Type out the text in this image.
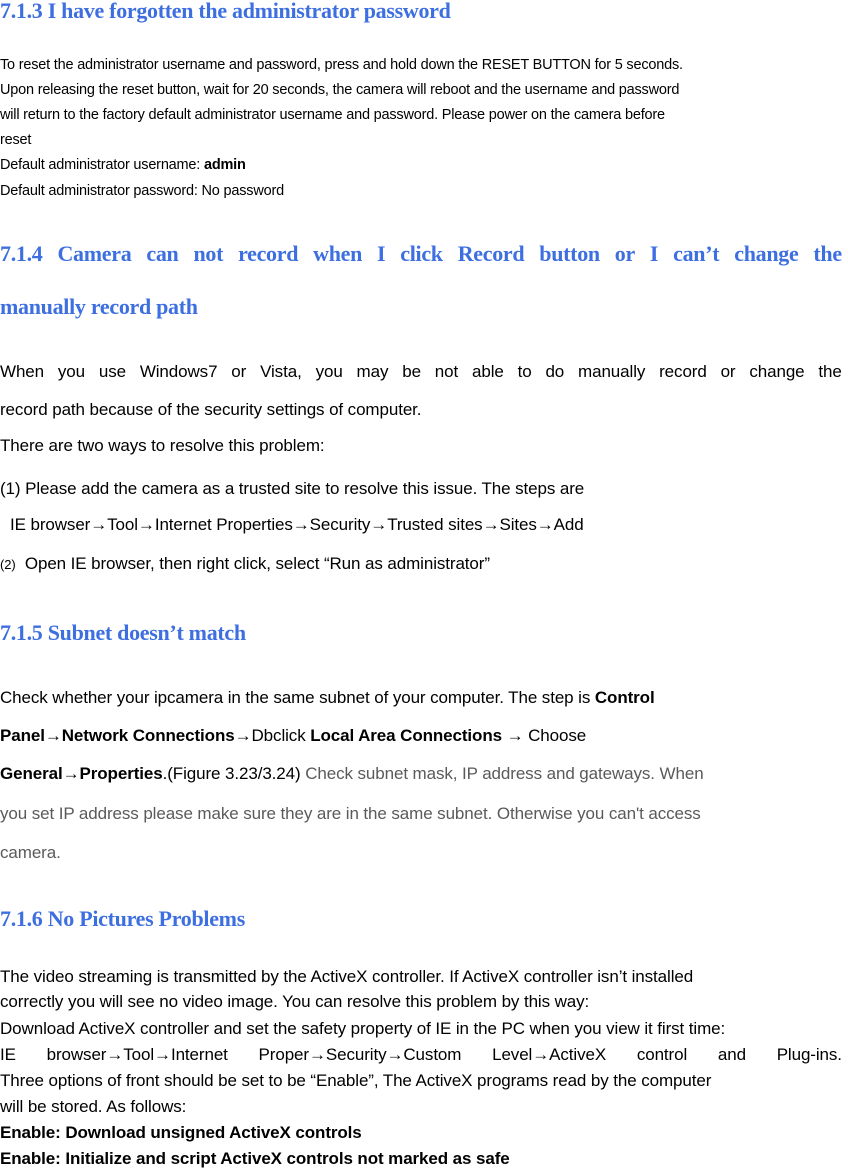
7.1.3 I have forgotten the administrator password

To reset the administrator username and password, press and hold down the RESET BUTTON for 5 seconds.

Upon releasing the reset button, wait for 20 seconds, the camera will reboot and the username and password

will return to the factory default administrator username and password. Please power on the camera before

reset

Default administrator username: admin

Default administrator password: No password

7.1.4 Camera can not record when I click Record button or I can’t change the
manually record path

When you use Windows7 or Vista, you may be not able to do manually record or change the

record path because of the security settings of computer.

There are two ways to resolve this problem:

(1) Please add the camera as a trusted site to resolve this issue. The steps are

IE browser→Tool→Internet Properties→Security→Trusted sites→Sites→Add

(2) Open IE browser, then right click, select “Run as administrator”

7.1.5 Subnet doesn’t match

Check whether your ipcamera in the same subnet of your computer. The step is Control

Panel→Network Connections→Dbclick Local Area Connections → Choose

General→Properties.(Figure 3.23/3.24) Check subnet mask, IP address and gateways. When

you set IP address please make sure they are in the same subnet. Otherwise you can't access

camera.

7.1.6 No Pictures Problems

The video streaming is transmitted by the ActiveX controller. If ActiveX controller isn’t installed

correctly you will see no video image. You can resolve this problem by this way:

Download ActiveX controller and set the safety property of IE in the PC when you view it first time:

IE browser→Tool→Internet Proper→Security→Custom Level→ActiveX control and Plug-ins.

Three options of front should be set to be “Enable”, The ActiveX programs read by the computer

will be stored. As follows:

Enable: Download unsigned ActiveX controls

Enable: Initialize and script ActiveX controls not marked as safe
